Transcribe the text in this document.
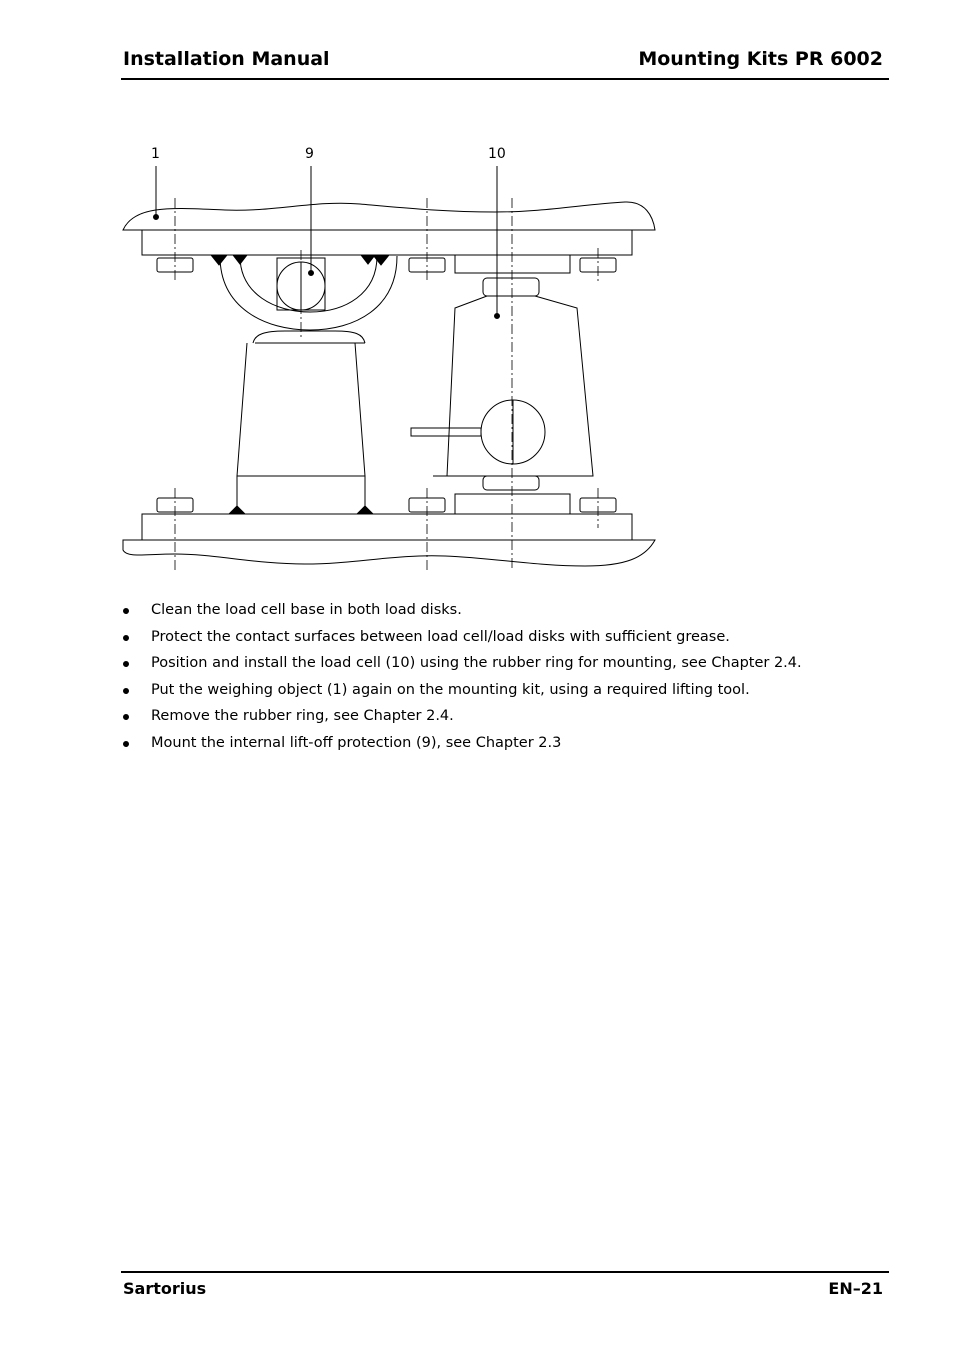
Installation Manual	Mounting Kits PR 6002
1	9	10
Clean the load cell base in both load disks.
Protect the contact surfaces between load cell/load disks with sufficient grease.
Position and install the load cell (10) using the rubber ring for mounting, see Chapter 2.4.
Put the weighing object (1) again on the mounting kit, using a required lifting tool.
Remove the rubber ring, see Chapter 2.4.
Mount the internal lift-off protection (9), see Chapter 2.3
Sartorius	EN–21
